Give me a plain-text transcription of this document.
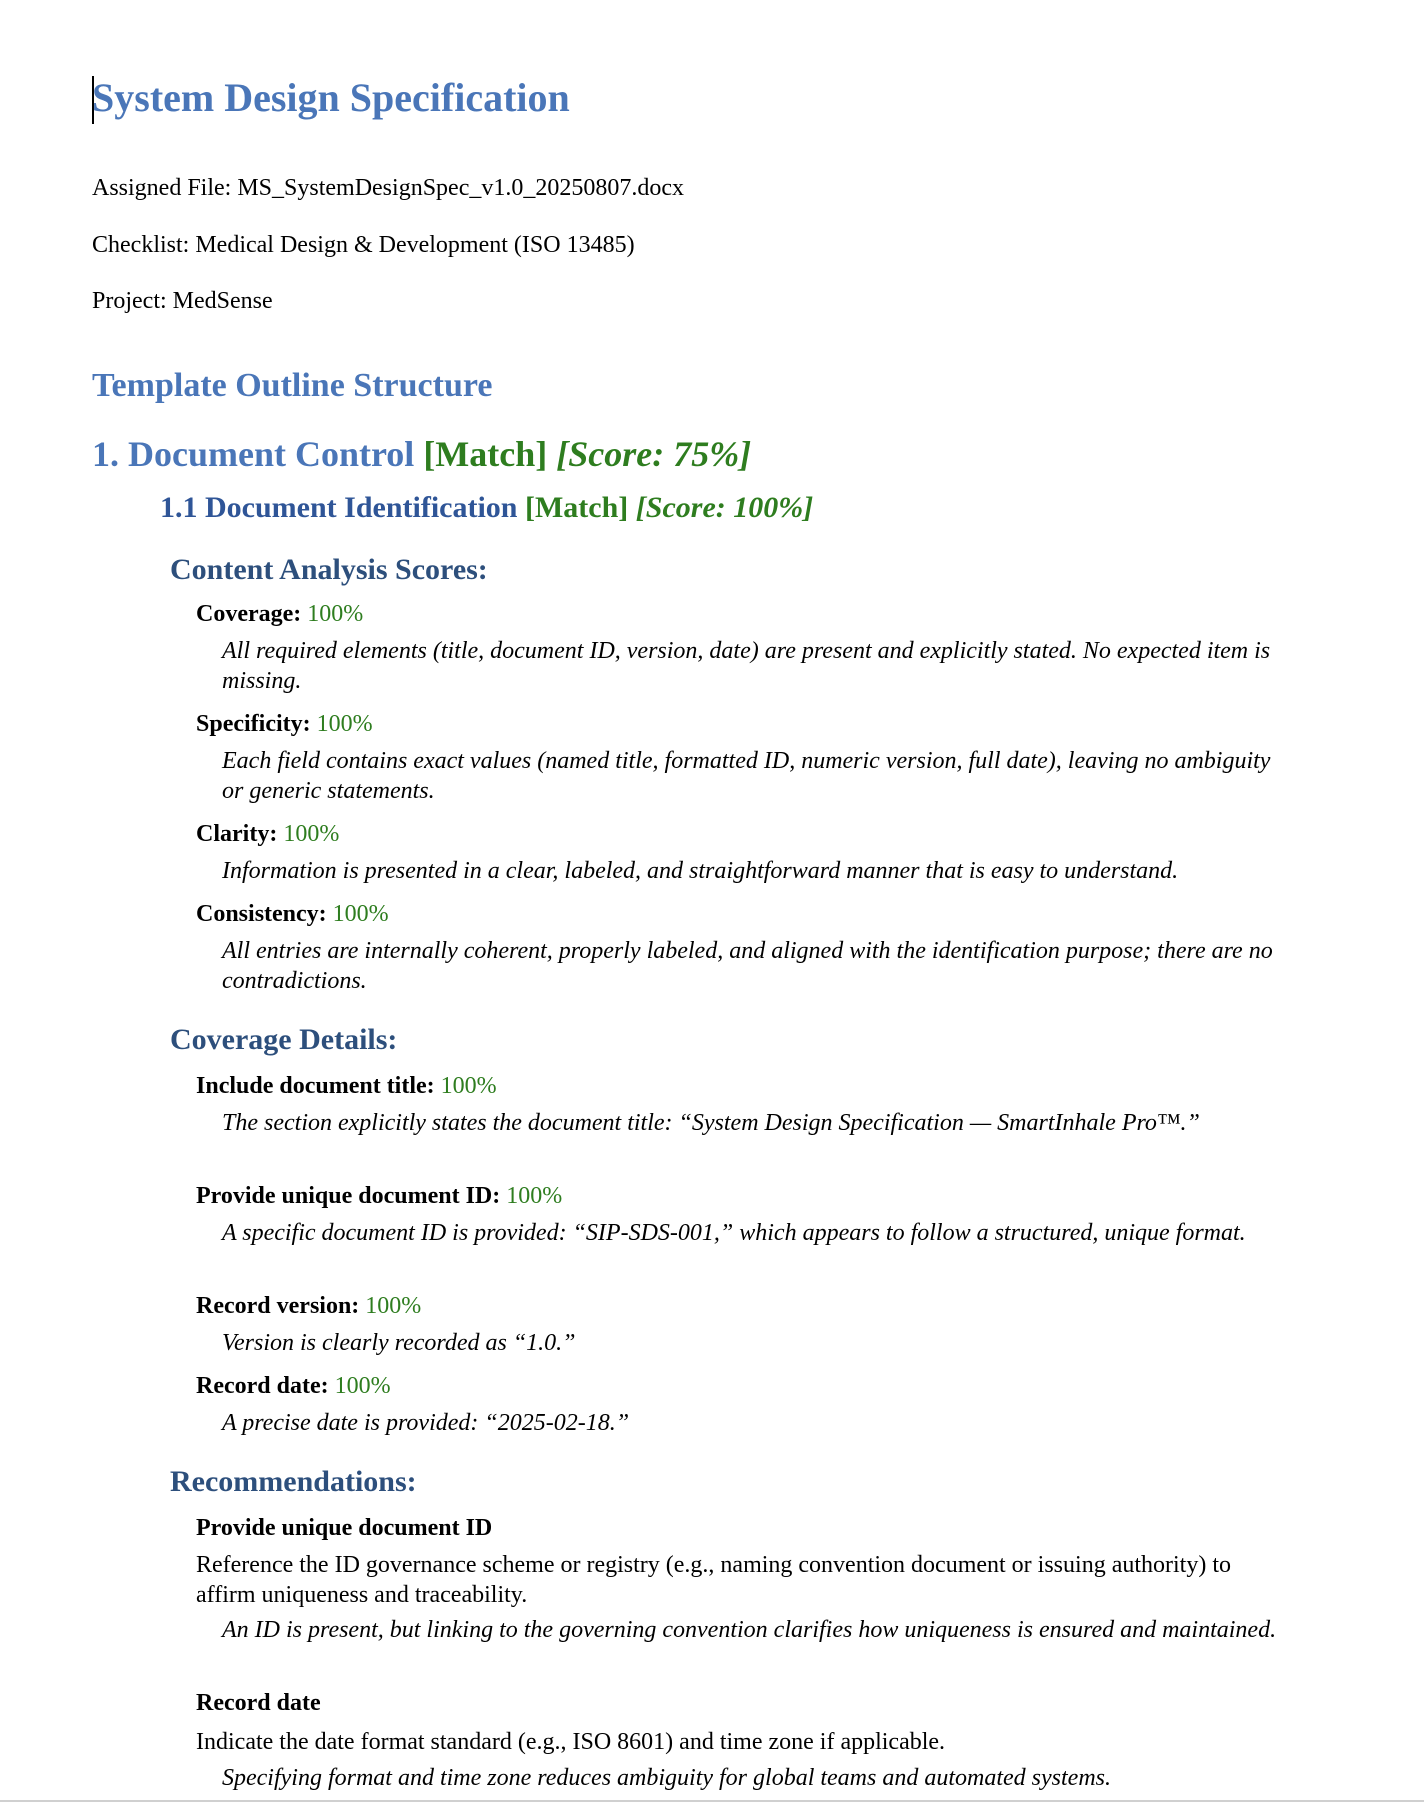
System Design Specification

Assigned File: MS_SystemDesignSpec_v1.0_20250807.docx

Checklist: Medical Design & Development (ISO 13485)

Project: MedSense

Template Outline Structure
1. Document Control [Match] [Score: 75%]
1.1 Document Identification [Match] [Score: 100%]
Content Analysis Scores:

Coverage: 100%

All required elements (title, document ID, version, date) are present and explicitly stated. No expected item is missing.

Specificity: 100%

Each field contains exact values (named title, formatted ID, numeric version, full date), leaving no ambiguity or generic statements.

Clarity: 100%

Information is presented in a clear, labeled, and straightforward manner that is easy to understand.

Consistency: 100%

All entries are internally coherent, properly labeled, and aligned with the identification purpose; there are no contradictions.

Coverage Details:

Include document title: 100%

The section explicitly states the document title: “System Design Specification — SmartInhale Pro™.”

Provide unique document ID: 100%

A specific document ID is provided: “SIP-SDS-001,” which appears to follow a structured, unique format.

Record version: 100%

Version is clearly recorded as “1.0.”

Record date: 100%

A precise date is provided: “2025-02-18.”

Recommendations:

Provide unique document ID

Reference the ID governance scheme or registry (e.g., naming convention document or issuing authority) to affirm uniqueness and traceability.

An ID is present, but linking to the governing convention clarifies how uniqueness is ensured and maintained.

Record date

Indicate the date format standard (e.g., ISO 8601) and time zone if applicable.

Specifying format and time zone reduces ambiguity for global teams and automated systems.
